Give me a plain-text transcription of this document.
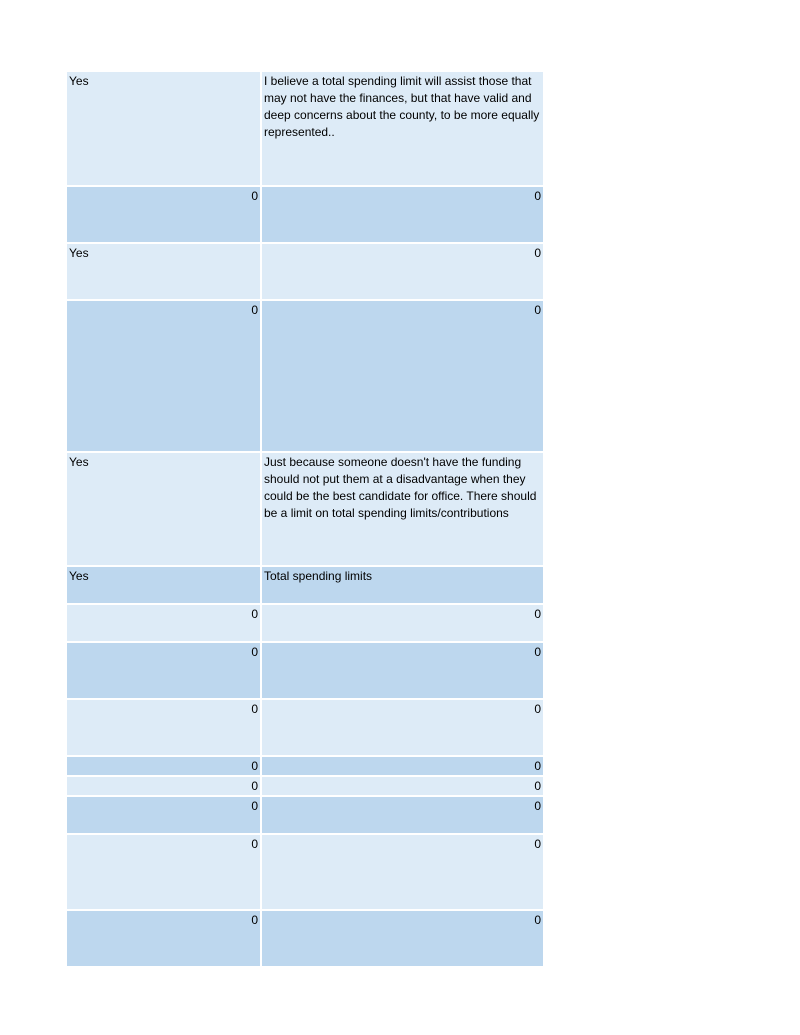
Yes	I believe a total spending limit will assist those that may not have the finances, but that have valid and deep concerns about the county, to be more equally represented..
0	0
Yes	0
0	0
Yes	Just because someone doesn't have the funding should not put them at a disadvantage when they could be the best candidate for office. There should be a limit on total spending limits/contributions
Yes	Total spending limits
0	0
0	0
0	0
0	0
0	0
0	0
0	0
0	0
